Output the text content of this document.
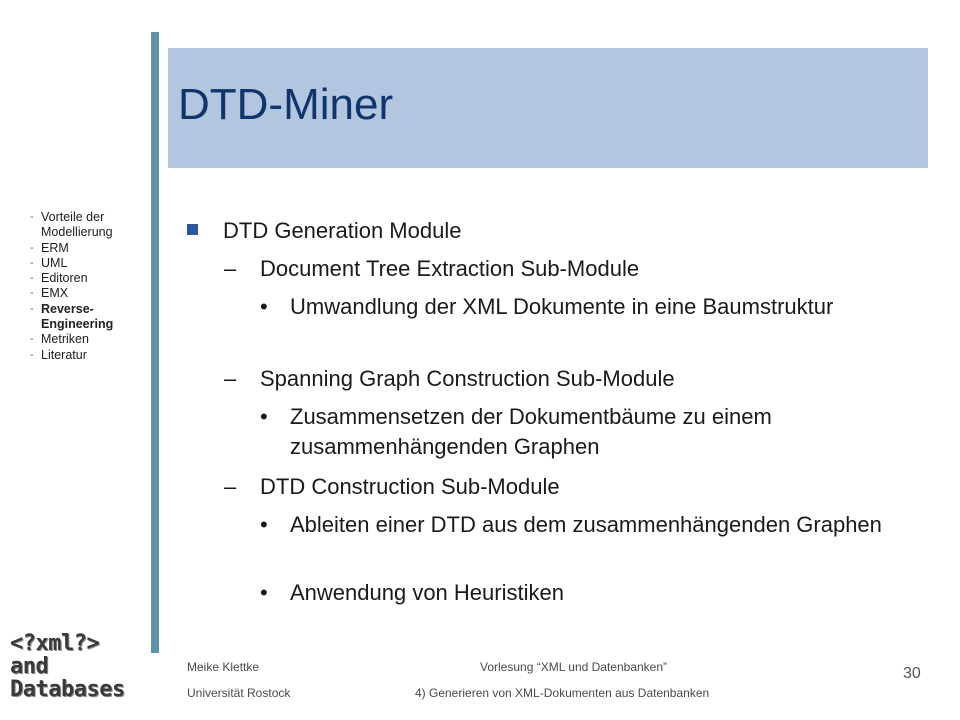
DTD-Miner
- Vorteile der
Modellierung
- ERM
- UML
- Editoren
- EMX
- Reverse-
Engineering
- Metriken
- Literatur
DTD Generation Module
– Document Tree Extraction Sub-Module
•	Umwandlung der XML Dokumente in eine Baumstruktur
– Spanning Graph Construction Sub-Module
•	Zusammensetzen der Dokumentbäume zu einem zusammenhängenden Graphen
– DTD Construction Sub-Module
•	Ableiten einer DTD aus dem zusammenhängenden Graphen
•	Anwendung von Heuristiken
<?xml?>
and
Databases
Meike Klettke
Universität Rostock
Vorlesung “XML und Datenbanken”
4) Generieren von XML-Dokumenten aus Datenbanken
30
